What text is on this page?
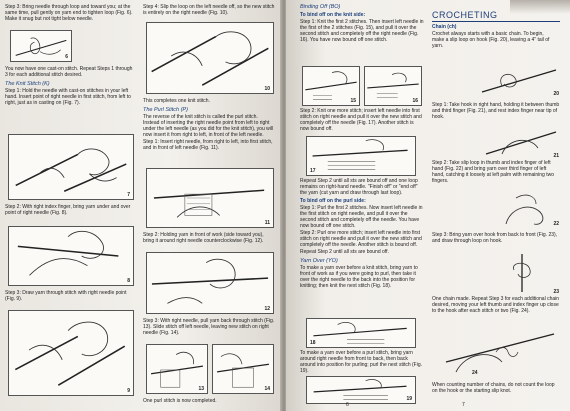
Step 3: Bring needle through loop and toward you; at the same time, pull gently on yarn end to tighten loop (Fig. 6). Make it snug but not tight below needle.

6

You now have one cast-on stitch. Repeat Steps 1 through 3 for each additional stitch desired.

The Knit Stitch (K)

Step 1: Hold the needle with cast-on stitches in your left hand. Insert point of right needle in first stitch, from left to right, just as in casting on (Fig. 7).

7

Step 2: With right index finger, bring yarn under and over point of right needle (Fig. 8).

8

Step 3: Draw yarn through stitch with right needle point (Fig. 9).

9

Step 4: Slip the loop on the left needle off, so the new stitch is entirely on the right needle (Fig. 10).

10

This completes one knit stitch.

The Purl Stitch (P)

The reverse of the knit stitch is called the purl stitch. Instead of inserting the right needle point from left to right under the left needle (as you did for the knit stitch), you will now insert it from right to left, in front of the left needle.

Step 1: Insert right needle, from right to left, into first stitch, and in front of left needle (Fig. 11).

11

Step 2: Holding yarn in front of work (side toward you), bring it around right needle counterclockwise (Fig. 12).

12

Step 3: With right needle, pull yarn back through stitch (Fig. 13). Slide stitch off left needle, leaving new stitch on right needle (Fig. 14).

13	14

One purl stitch is now completed.

Binding Off (BO)

To bind off on the knit side:

Step 1: Knit the first 2 stitches. Then insert left needle in the first of the 2 stitches (Fig. 15), and pull it over the second stitch and completely off the right needle (Fig. 16). You have now bound off one stitch.

15	16

Step 2: Knit one more stitch; insert left needle into first stitch on right needle and pull it over the new stitch and completely off the needle (Fig. 17). Another stitch is now bound off.

17

Repeat Step 2 until all sts are bound off and one loop remains on right-hand needle. "Finish off" or "end off" the yarn (cut yarn and draw through last loop).

To bind off on the purl side:

Step 1: Purl the first 2 stitches. Now insert left needle in the first stitch on right needle, and pull it over the second stitch and completely off the needle. You have now bound off one stitch.

Step 2: Purl one more stitch; insert left needle into first stitch on right needle and pull it over the new stitch and completely off the needle. Another stitch is bound off.

Repeat Step 2 until all sts are bound off.

Yarn Over (YO)

To make a yarn over before a knit stitch, bring yarn to front of work as if you were going to purl, then take it over the right needle to the back into the position for knitting; then knit the next stitch (Fig. 18).

18

To make a yarn over before a purl stitch, bring yarn around right needle from front to back, then back around into position for purling; purl the next stitch (Fig. 19).

19

CROCHETING

Chain (ch)

Crochet always starts with a basic chain. To begin, make a slip loop on hook (Fig. 20), leaving a 4" tail of yarn.

20

Step 1: Take hook in right hand, holding it between thumb and third finger (Fig. 21), and rest index finger near tip of hook.

21

Step 2: Take slip loop in thumb and index finger of left hand (Fig. 22) and bring yarn over third finger of left hand, catching it loosely at left palm with remaining two fingers.

22

Step 3: Bring yarn over hook from back to front (Fig. 23), and draw through loop on hook.

23

One chain made. Repeat Step 3 for each additional chain desired, moving your left thumb and index finger up close to the hook after each stitch or two (Fig. 24).

24

When counting number of chains, do not count the loop on the hook or the starting slip knot.

6	7
